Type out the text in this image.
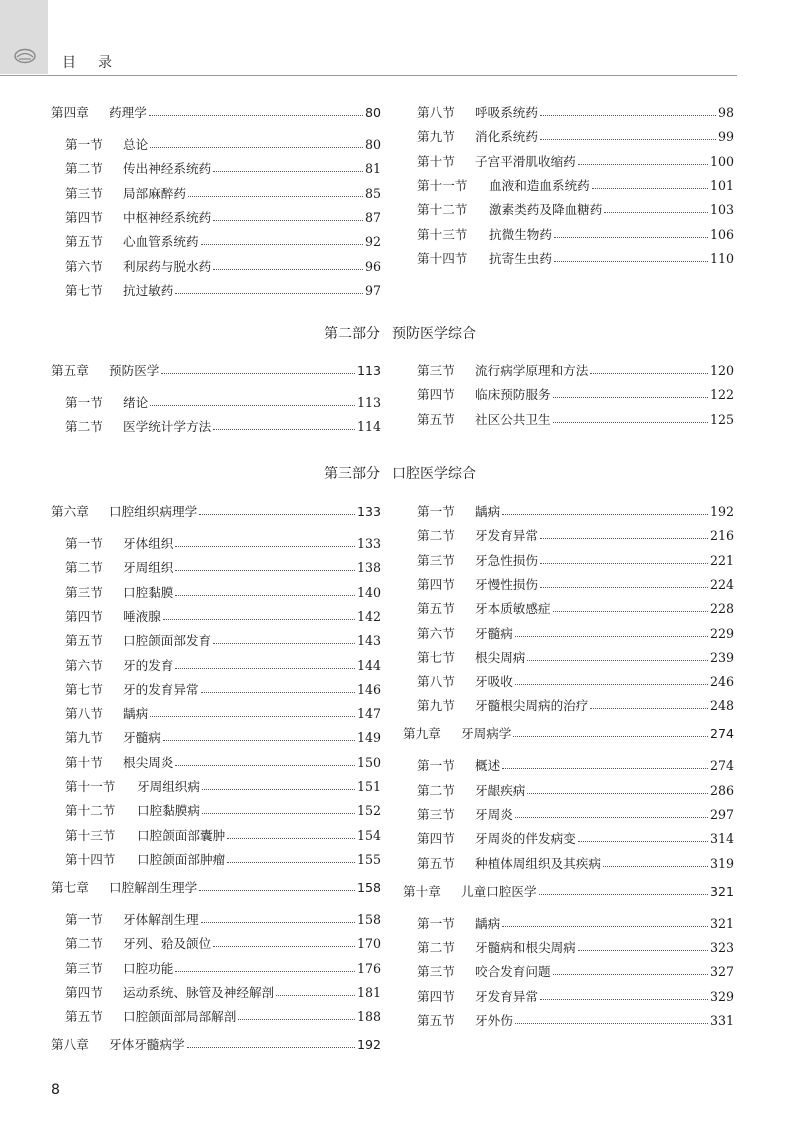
目 录
第四章	药理学	80
第一节	总论	80
第二节	传出神经系统药	81
第三节	局部麻醉药	85
第四节	中枢神经系统药	87
第五节	心血管系统药	92
第六节	利尿药与脱水药	96
第七节	抗过敏药	97
第八节	呼吸系统药	98
第九节	消化系统药	99
第十节	子宫平滑肌收缩药	100
第十一节	血液和造血系统药	101
第十二节	激素类药及降血糖药	103
第十三节	抗微生物药	106
第十四节	抗寄生虫药	110
第二部分 预防医学综合
第五章	预防医学	113
第一节	绪论	113
第二节	医学统计学方法	114
第三节	流行病学原理和方法	120
第四节	临床预防服务	122
第五节	社区公共卫生	125
第三部分 口腔医学综合
第六章	口腔组织病理学	133
第一节	牙体组织	133
第二节	牙周组织	138
第三节	口腔黏膜	140
第四节	唾液腺	142
第五节	口腔颌面部发育	143
第六节	牙的发育	144
第七节	牙的发育异常	146
第八节	龋病	147
第九节	牙髓病	149
第十节	根尖周炎	150
第十一节	牙周组织病	151
第十二节	口腔黏膜病	152
第十三节	口腔颌面部囊肿	154
第十四节	口腔颌面部肿瘤	155
第七章	口腔解剖生理学	158
第一节	牙体解剖生理	158
第二节	牙列、𬌗及颌位	170
第三节	口腔功能	176
第四节	运动系统、脉管及神经解剖	181
第五节	口腔颌面部局部解剖	188
第八章	牙体牙髓病学	192
第一节	龋病	192
第二节	牙发育异常	216
第三节	牙急性损伤	221
第四节	牙慢性损伤	224
第五节	牙本质敏感症	228
第六节	牙髓病	229
第七节	根尖周病	239
第八节	牙吸收	246
第九节	牙髓根尖周病的治疗	248
第九章	牙周病学	274
第一节	概述	274
第二节	牙龈疾病	286
第三节	牙周炎	297
第四节	牙周炎的伴发病变	314
第五节	种植体周组织及其疾病	319
第十章	儿童口腔医学	321
第一节	龋病	321
第二节	牙髓病和根尖周病	323
第三节	咬合发育问题	327
第四节	牙发育异常	329
第五节	牙外伤	331
8
